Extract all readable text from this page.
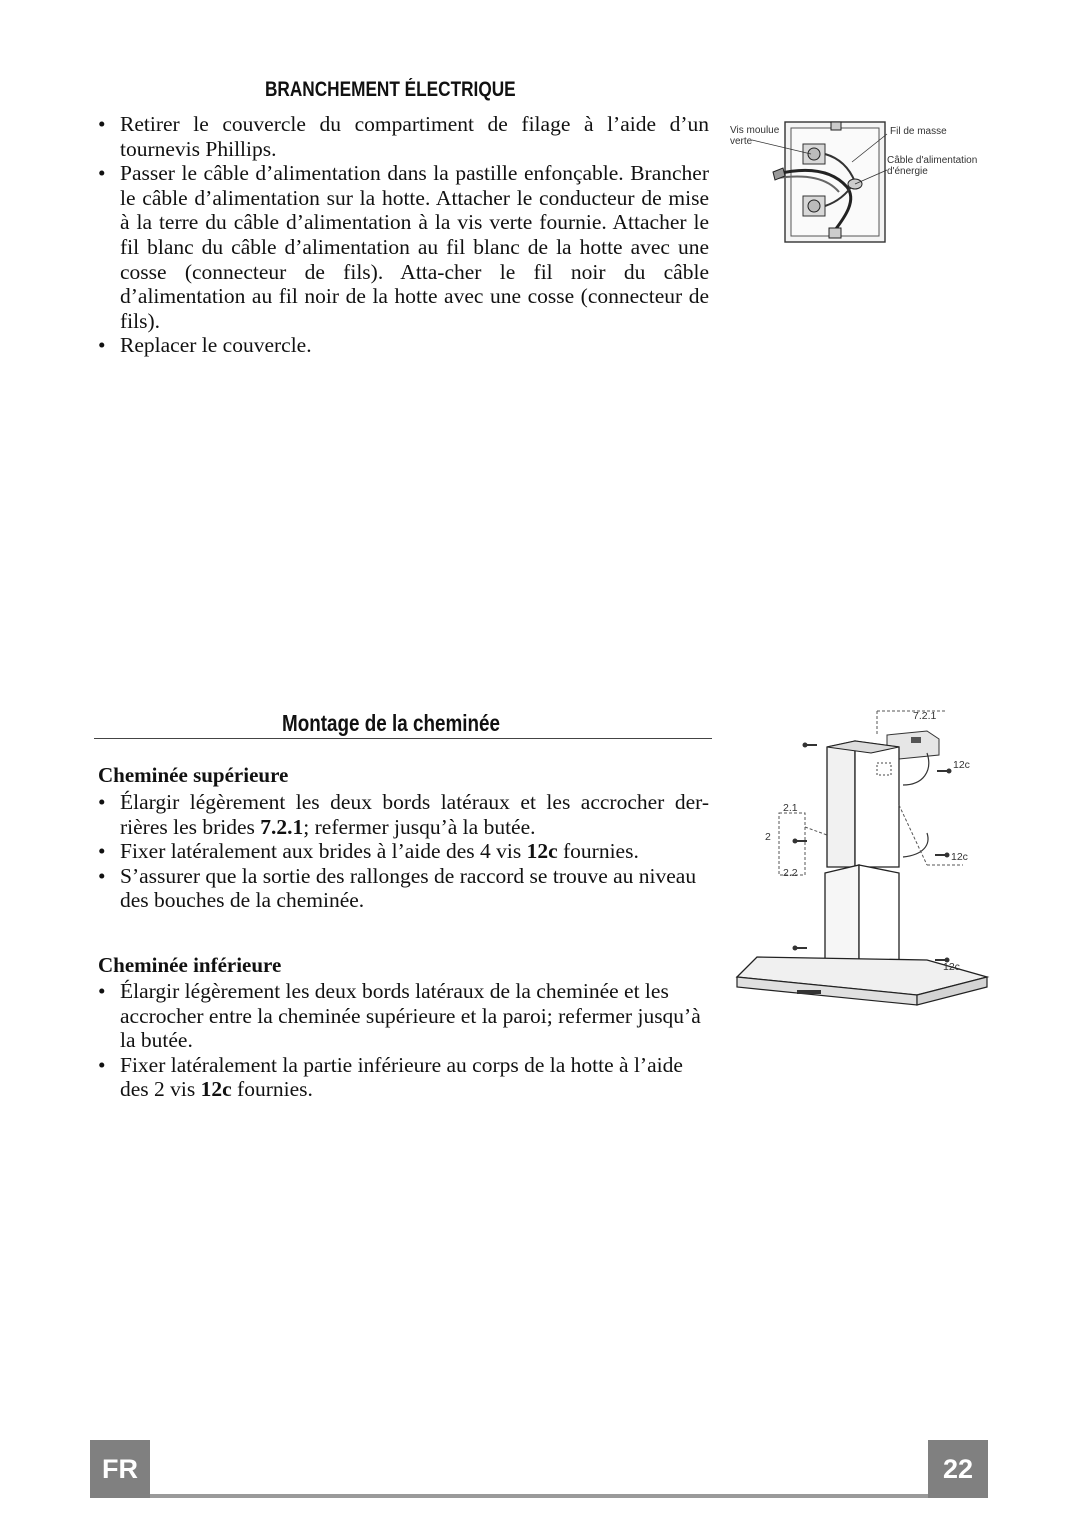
BRANCHEMENT ÉLECTRIQUE
• Retirer le couvercle du compartiment de filage à l’aide d’un tournevis Phillips.
• Passer le câble d’alimentation dans la pastille enfonçable. Brancher le câble d’alimentation sur la hotte. Attacher le conducteur de mise à la terre du câble d’alimentation à la vis verte fournie. Attacher le fil blanc du câble d’alimentation au fil blanc de la hotte avec une cosse (connecteur de fils). Atta-cher le fil noir du câble d’alimentation au fil noir de la hotte avec une cosse (connecteur de fils).
• Replacer le couvercle.
Vis moulue verte
Fil de masse
Câble d'alimentation d'énergie
Montage de la cheminée
Cheminée supérieure
• Élargir légèrement les deux bords latéraux et les accrocher der-rières les brides 7.2.1; refermer jusqu’à la butée.
• Fixer latéralement aux brides à l’aide des 4 vis 12c fournies.
• S’assurer que la sortie des rallonges de raccord se trouve au niveau des bouches de la cheminée.
Cheminée inférieure
• Élargir légèrement les deux bords latéraux de la cheminée et les accrocher entre la cheminée supérieure et la paroi; refermer jusqu’à la butée.
• Fixer latéralement la partie inférieure au corps de la hotte à l’aide des 2 vis 12c fournies.
7.2.1
12c
2.1
2
12c
2.2
12c
FR	22
